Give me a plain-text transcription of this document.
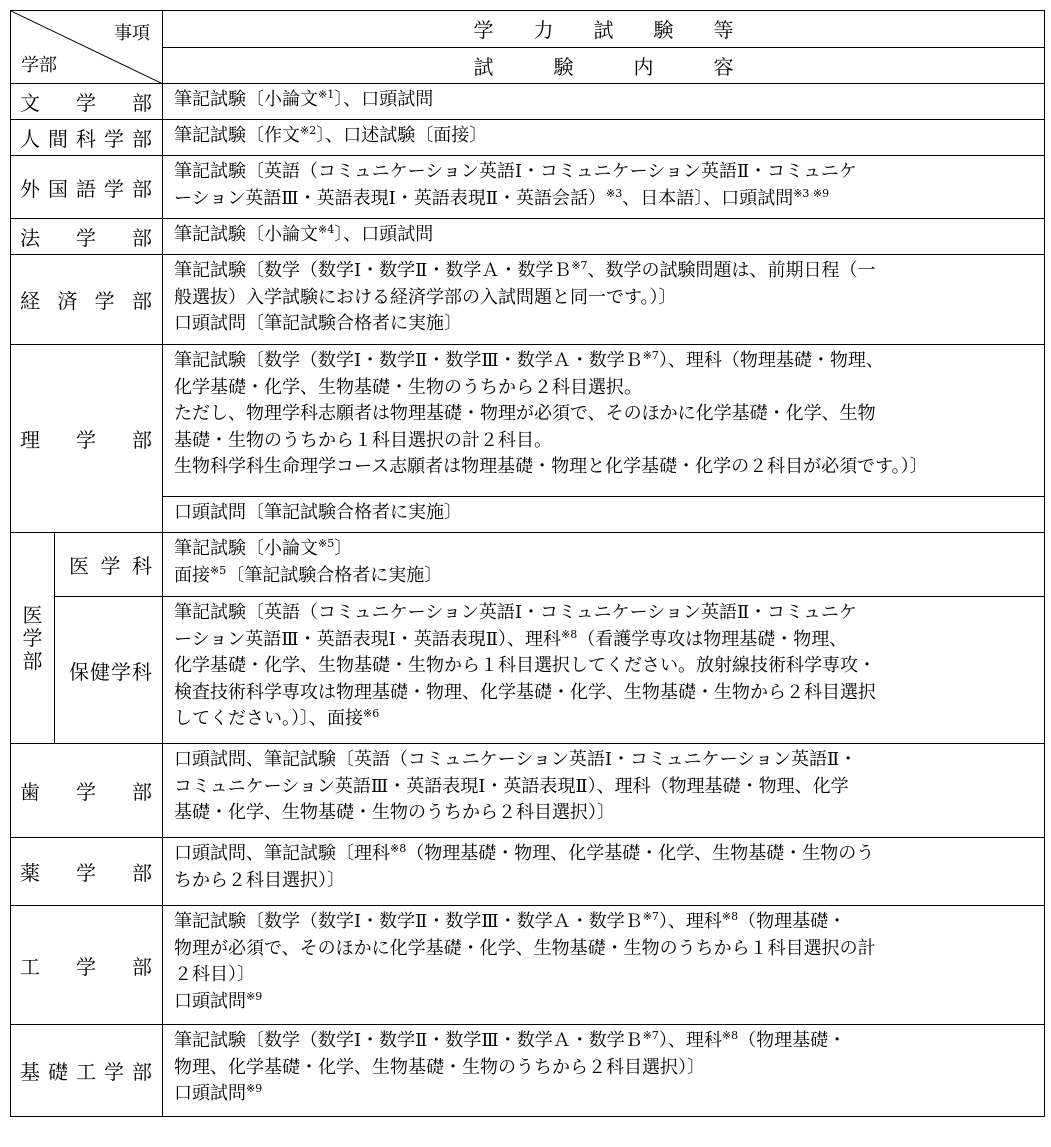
事項
学部		学　　力　　試　　験　　等
		試　　　験　　　内　　　容
文学部		筆記試験〔小論文$^{※1}$〕、口頭試問

人間科学部		筆記試験〔作文$^{※2}$〕、口述試験〔面接〕

外国語学部		筆記試験〔英語（コミュニケーション英語Ⅰ・コミュニケーション英語Ⅱ・コミュニケ
ーション英語Ⅲ・英語表現Ⅰ・英語表現Ⅱ・英語会話）$^{※3}$、日本語〕、口頭試問$^{※3 ※9}$

法学部		筆記試験〔小論文$^{※4}$〕、口頭試問

経済学部		筆記試験〔数学（数学Ⅰ・数学Ⅱ・数学Ａ・数学Ｂ$^{※7}$、数学の試験問題は、前期日程（一
般選抜）入学試験における経済学部の入試問題と同一です。）〕
口頭試問〔筆記試験合格者に実施〕

理学部		筆記試験〔数学（数学Ⅰ・数学Ⅱ・数学Ⅲ・数学Ａ・数学Ｂ$^{※7}$）、理科（物理基礎・物理、
化学基礎・化学、生物基礎・生物のうちから２科目選択。
ただし、物理学科志願者は物理基礎・物理が必須で、そのほかに化学基礎・化学、生物
基礎・生物のうちから１科目選択の計２科目。
生物科学科生命理学コース志願者は物理基礎・物理と化学基礎・化学の２科目が必須です。）〕

		口頭試問〔筆記試験合格者に実施〕

医
学
部	医学科	筆記試験〔小論文$^{※5}$〕
面接$^{※5}$〔筆記試験合格者に実施〕

	保健学科	筆記試験〔英語（コミュニケーション英語Ⅰ・コミュニケーション英語Ⅱ・コミュニケ
ーション英語Ⅲ・英語表現Ⅰ・英語表現Ⅱ）、理科$^{※8}$（看護学専攻は物理基礎・物理、
化学基礎・化学、生物基礎・生物から１科目選択してください。放射線技術科学専攻・
検査技術科学専攻は物理基礎・物理、化学基礎・化学、生物基礎・生物から２科目選択
してください。）〕、面接$^{※6}$

歯学部		口頭試問、筆記試験〔英語（コミュニケーション英語Ⅰ・コミュニケーション英語Ⅱ・
コミュニケーション英語Ⅲ・英語表現Ⅰ・英語表現Ⅱ）、理科（物理基礎・物理、化学
基礎・化学、生物基礎・生物のうちから２科目選択）〕

薬学部		口頭試問、筆記試験〔理科$^{※8}$（物理基礎・物理、化学基礎・化学、生物基礎・生物のう
ちから２科目選択）〕

工学部		筆記試験〔数学（数学Ⅰ・数学Ⅱ・数学Ⅲ・数学Ａ・数学Ｂ$^{※7}$）、理科$^{※8}$（物理基礎・
物理が必須で、そのほかに化学基礎・化学、生物基礎・生物のうちから１科目選択の計
２科目）〕
口頭試問$^{※9}$

基礎工学部		筆記試験〔数学（数学Ⅰ・数学Ⅱ・数学Ⅲ・数学Ａ・数学Ｂ$^{※7}$）、理科$^{※8}$（物理基礎・
物理、化学基礎・化学、生物基礎・生物のうちから２科目選択）〕
口頭試問$^{※9}$
